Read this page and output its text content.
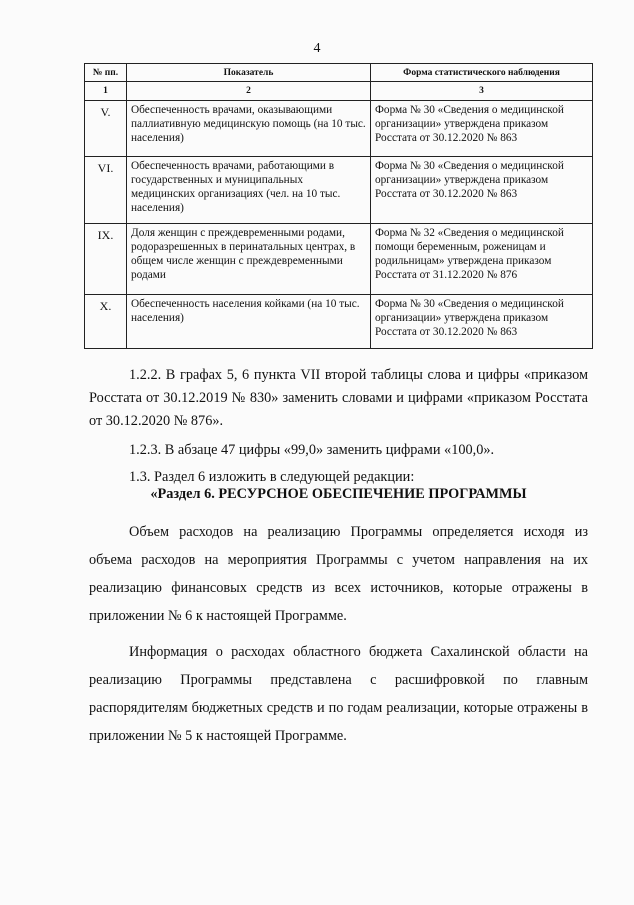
4
№ пп.	Показатель	Форма статистического наблюдения
1	2	3
V.	Обеспеченность врачами, оказывающими паллиативную медицинскую помощь (на 10 тыс. населения)	Форма № 30 «Сведения о медицинской организации» утверждена приказом Росстата от 30.12.2020 № 863
VI.	Обеспеченность врачами, работающими в государственных и муниципальных медицинских организациях (чел. на 10 тыс. населения)	Форма № 30 «Сведения о медицинской организации» утверждена приказом Росстата от 30.12.2020 № 863
IX.	Доля женщин с преждевременными родами, родоразрешенных в перинатальных центрах, в общем числе женщин с преждевременными родами	Форма № 32 «Сведения о медицинской помощи беременным, роженицам и родильницам» утверждена приказом Росстата от 31.12.2020 № 876
X.	Обеспеченность населения койками (на 10 тыс. населения)	Форма № 30 «Сведения о медицинской организации» утверждена приказом Росстата от 30.12.2020 № 863

1.2.2. В графах 5, 6 пункта VII второй таблицы слова и цифры «приказом Росстата от 30.12.2019 № 830» заменить словами и цифрами «приказом Росстата от 30.12.2020 № 876».

1.2.3. В абзаце 47 цифры «99,0» заменить цифрами «100,0».

1.3. Раздел 6 изложить в следующей редакции:

«Раздел 6. РЕСУРСНОЕ ОБЕСПЕЧЕНИЕ ПРОГРАММЫ

Объем расходов на реализацию Программы определяется исходя из объема расходов на мероприятия Программы с учетом направления на их реализацию финансовых средств из всех источников, которые отражены в приложении № 6 к настоящей Программе.

Информация о расходах областного бюджета Сахалинской области на реализацию Программы представлена с расшифровкой по главным распорядителям бюджетных средств и по годам реализации, которые отражены в приложении № 5 к настоящей Программе.
